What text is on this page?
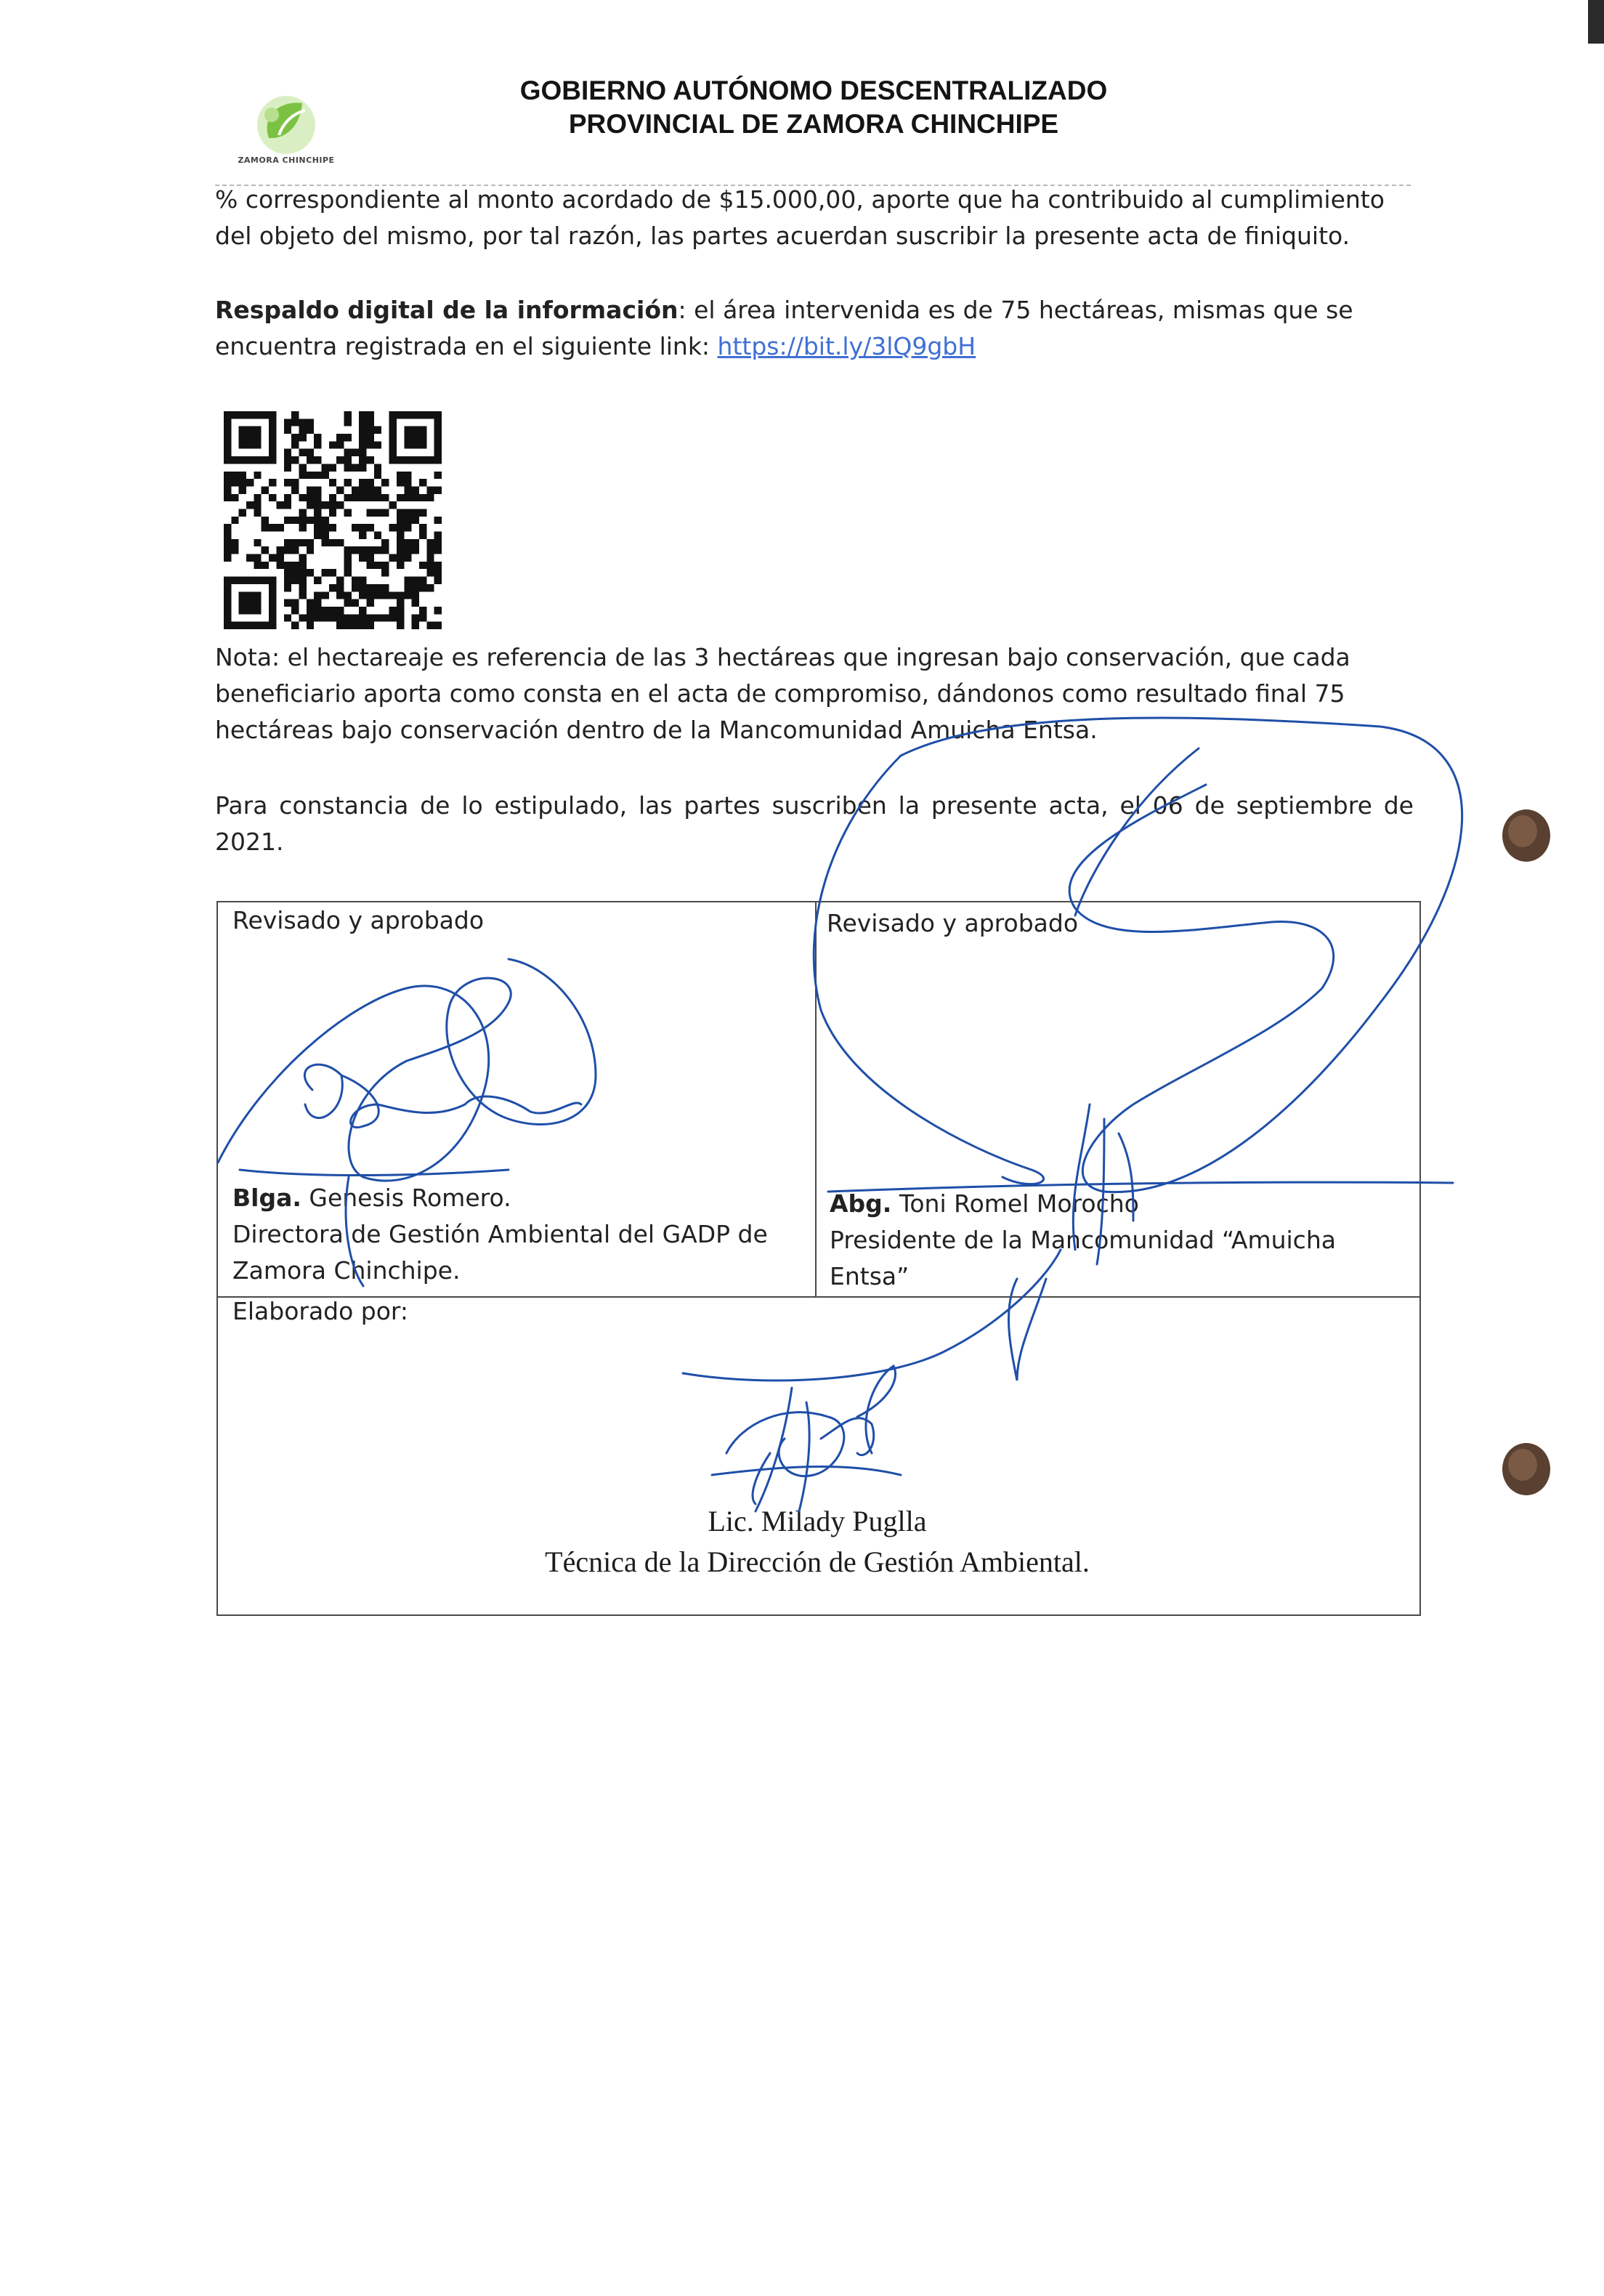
ZAMORA CHINCHIPE
GOBIERNO AUTÓNOMO DESCENTRALIZADO
PROVINCIAL DE ZAMORA CHINCHIPE
% correspondiente al monto acordado de $15.000,00, aporte que ha contribuido al cumplimiento
del objeto del mismo, por tal razón, las partes acuerdan suscribir la presente acta de finiquito.
Respaldo digital de la información: el área intervenida es de 75 hectáreas, mismas que se
encuentra registrada en el siguiente link: https://bit.ly/3lQ9gbH
Nota: el hectareaje es referencia de las 3 hectáreas que ingresan bajo conservación, que cada
beneficiario aporta como consta en el acta de compromiso, dándonos como resultado final 75
hectáreas bajo conservación dentro de la Mancomunidad Amuicha Entsa.
Para constancia de lo estipulado, las partes suscriben la presente acta, el 06 de septiembre de 2021.
Revisado y aprobado	Revisado y aprobado
Blga. Genesis Romero.
Directora de Gestión Ambiental del GADP de
Zamora Chinchipe.
Abg. Toni Romel Morocho
Presidente de la Mancomunidad “Amuicha
Entsa”
Elaborado por:
Lic. Milady Puglla
Técnica de la Dirección de Gestión Ambiental.
